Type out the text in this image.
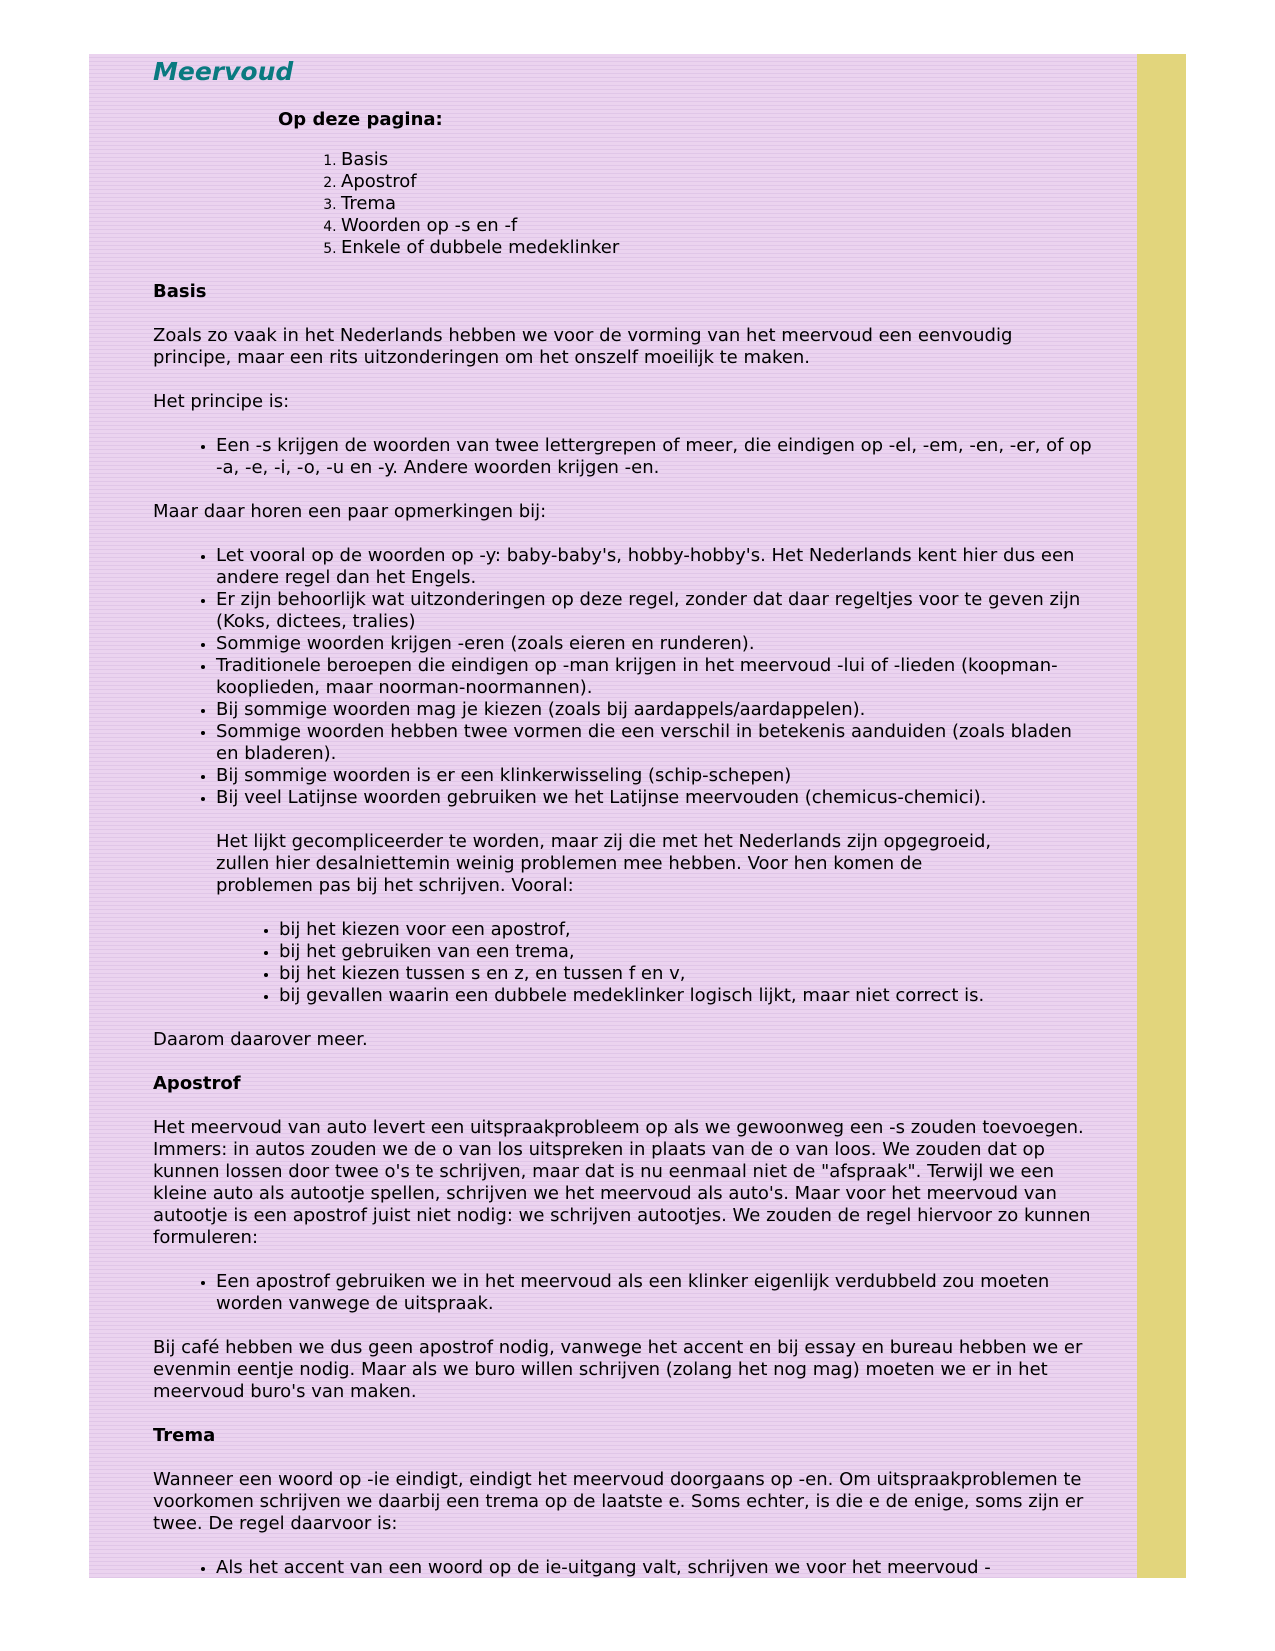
Meervoud
Op deze pagina:
1. Basis
2. Apostrof
3. Trema
4. Woorden op -s en -f
5. Enkele of dubbele medeklinker
Basis

Zoals zo vaak in het Nederlands hebben we voor de vorming van het meervoud een eenvoudig principe, maar een rits uitzonderingen om het onszelf moeilijk te maken.

Het principe is:

• Een -s krijgen de woorden van twee lettergrepen of meer, die eindigen op -el, -em, -en, -er, of op -a, -e, -i, -o, -u en -y. Andere woorden krijgen -en.

Maar daar horen een paar opmerkingen bij:

• Let vooral op de woorden op -y: baby-baby's, hobby-hobby's. Het Nederlands kent hier dus een andere regel dan het Engels.
• Er zijn behoorlijk wat uitzonderingen op deze regel, zonder dat daar regeltjes voor te geven zijn (Koks, dictees, tralies)
• Sommige woorden krijgen -eren (zoals eieren en runderen).
• Traditionele beroepen die eindigen op -man krijgen in het meervoud -lui of -lieden (koopman-kooplieden, maar noorman-noormannen).
• Bij sommige woorden mag je kiezen (zoals bij aardappels/aardappelen).
• Sommige woorden hebben twee vormen die een verschil in betekenis aanduiden (zoals bladen en bladeren).
• Bij sommige woorden is er een klinkerwisseling (schip-schepen)
• Bij veel Latijnse woorden gebruiken we het Latijnse meervouden (chemicus-chemici).
Het lijkt gecompliceerder te worden, maar zij die met het Nederlands zijn opgegroeid, zullen hier desalniettemin weinig problemen mee hebben. Voor hen komen de problemen pas bij het schrijven. Vooral:
• bij het kiezen voor een apostrof,
• bij het gebruiken van een trema,
• bij het kiezen tussen s en z, en tussen f en v,
• bij gevallen waarin een dubbele medeklinker logisch lijkt, maar niet correct is.

Daarom daarover meer.

Apostrof

Het meervoud van auto levert een uitspraakprobleem op als we gewoonweg een -s zouden toevoegen. Immers: in autos zouden we de o van los uitspreken in plaats van de o van loos. We zouden dat op kunnen lossen door twee o's te schrijven, maar dat is nu eenmaal niet de "afspraak". Terwijl we een kleine auto als autootje spellen, schrijven we het meervoud als auto's. Maar voor het meervoud van autootje is een apostrof juist niet nodig: we schrijven autootjes. We zouden de regel hiervoor zo kunnen formuleren:

• Een apostrof gebruiken we in het meervoud als een klinker eigenlijk verdubbeld zou moeten worden vanwege de uitspraak.

Bij café hebben we dus geen apostrof nodig, vanwege het accent en bij essay en bureau hebben we er evenmin eentje nodig. Maar als we buro willen schrijven (zolang het nog mag) moeten we er in het meervoud buro's van maken.

Trema

Wanneer een woord op -ie eindigt, eindigt het meervoud doorgaans op -en. Om uitspraakproblemen te voorkomen schrijven we daarbij een trema op de laatste e. Soms echter, is die e de enige, soms zijn er twee. De regel daarvoor is:

• Als het accent van een woord op de ie-uitgang valt, schrijven we voor het meervoud -
